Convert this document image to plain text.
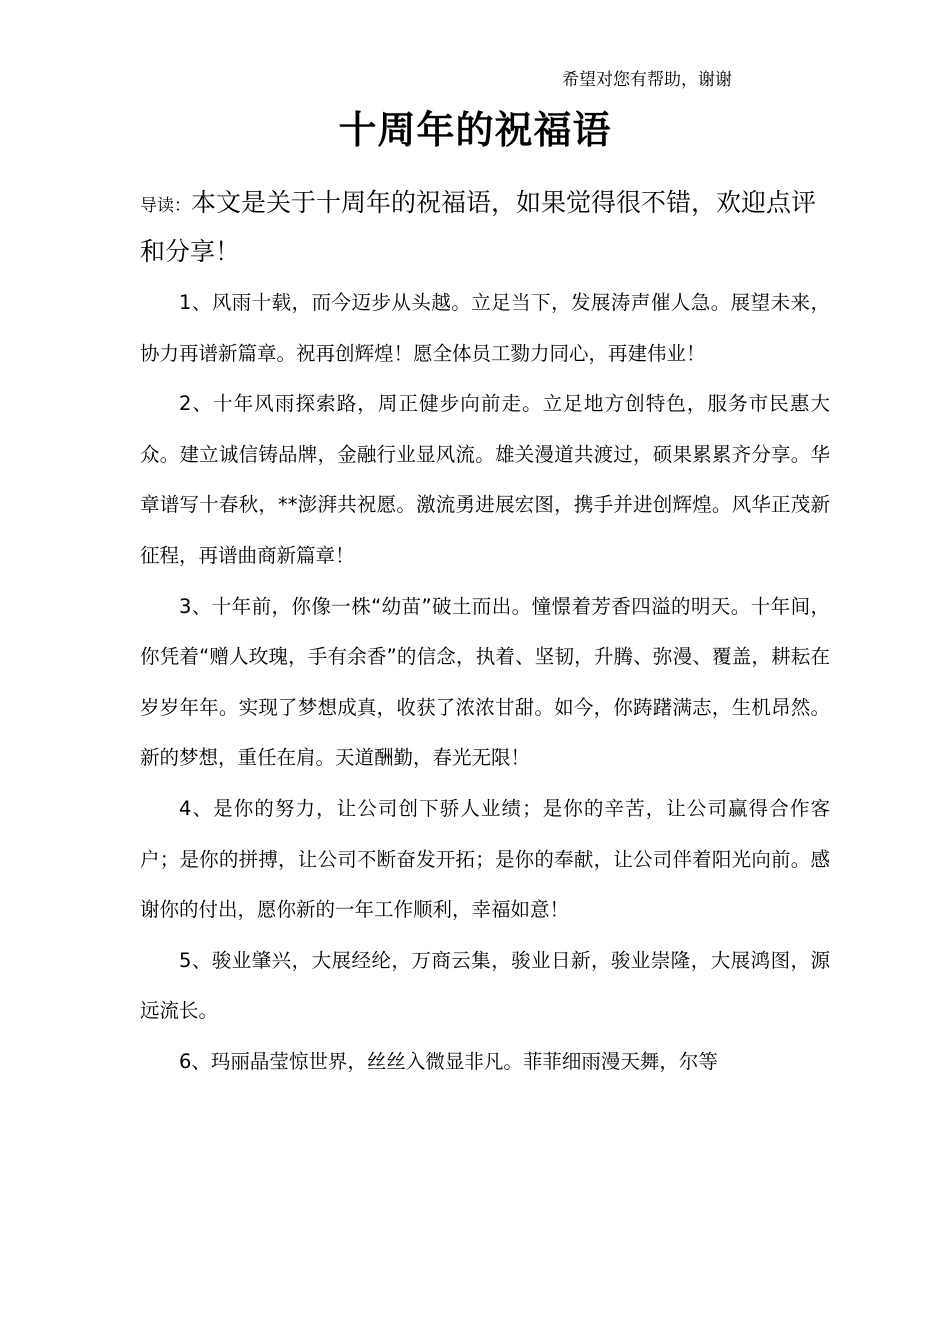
希望对您有帮助，谢谢
十周年的祝福语
导读：本文是关于十周年的祝福语，如果觉得很不错，欢迎点评和分享！

1、风雨十载，而今迈步从头越。立足当下，发展涛声催人急。展望未来，协力再谱新篇章。祝再创辉煌！愿全体员工勠力同心，再建伟业！

2、十年风雨探索路，周正健步向前走。立足地方创特色，服务市民惠大众。建立诚信铸品牌，金融行业显风流。雄关漫道共渡过，硕果累累齐分享。华章谱写十春秋，**澎湃共祝愿。激流勇进展宏图，携手并进创辉煌。风华正茂新征程，再谱曲商新篇章！

3、十年前，你像一株“幼苗”破土而出。憧憬着芳香四溢的明天。十年间，你凭着“赠人玫瑰，手有余香”的信念，执着、坚韧，升腾、弥漫、覆盖，耕耘在岁岁年年。实现了梦想成真，收获了浓浓甘甜。如今，你踌躇满志，生机昂然。新的梦想，重任在肩。天道酬勤，春光无限！

4、是你的努力，让公司创下骄人业绩；是你的辛苦，让公司赢得合作客户；是你的拼搏，让公司不断奋发开拓；是你的奉献，让公司伴着阳光向前。感谢你的付出，愿你新的一年工作顺利，幸福如意！

5、骏业肇兴，大展经纶，万商云集，骏业日新，骏业崇隆，大展鸿图，源远流长。

6、玛丽晶莹惊世界，丝丝入微显非凡。菲菲细雨漫天舞，尔等
